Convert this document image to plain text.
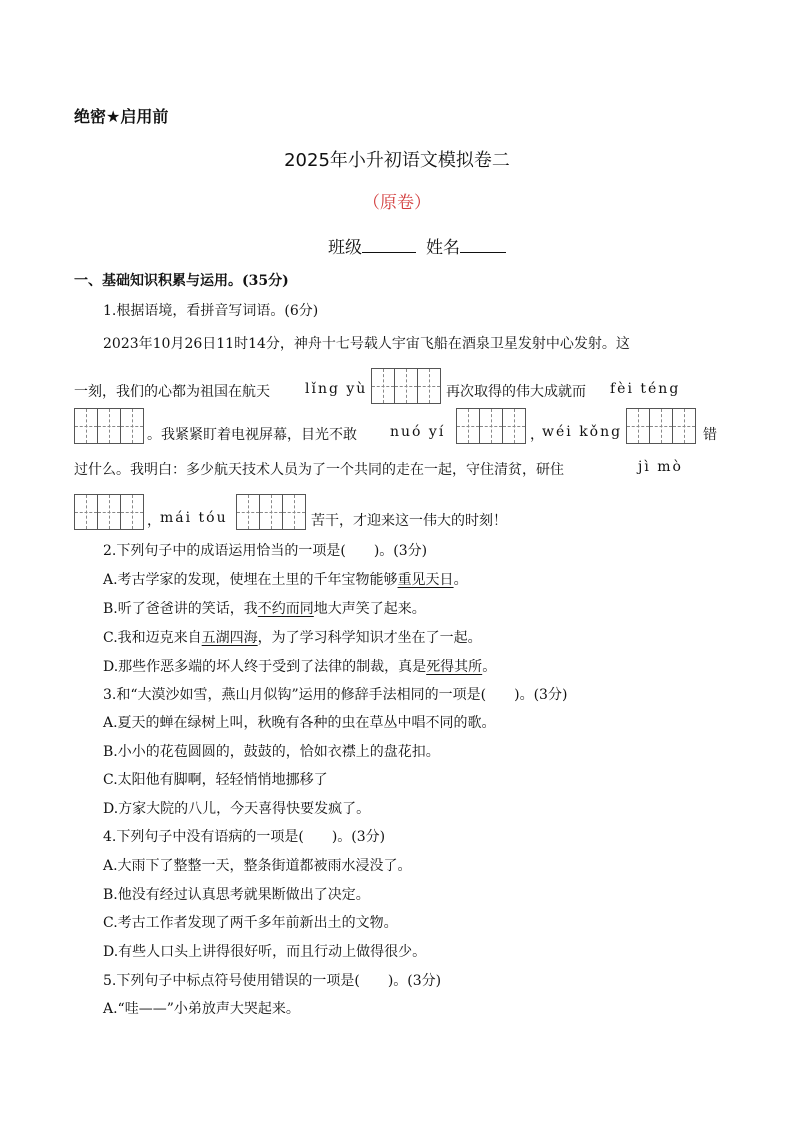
绝密★启用前
2025年小升初语文模拟卷二
（原卷）
班级	姓名
一、基础知识积累与运用。(35分)
1.根据语境，看拼音写词语。(6分)
2023年10月26日11时14分，神舟十七号载人宇宙飞船在酒泉卫星发射中心发射。这
一刻，我们的心都为祖国在航天	lǐng yù	再次取得的伟大成就而 fèi téng
。我紧紧盯着电视屏幕，目光不敢 nuó yí	，
wéi kǒng	错
过什么。我明白：多少航天技术人员为了一个共同的走在一起，守住清贫，研住	jì mò
， mái tóu	苦干，才迎来这一伟大的时刻！
2.下列句子中的成语运用恰当的一项是(　　)。(3分)
A.考古学家的发现，使埋在土里的千年宝物能够重见天日。
B.听了爸爸讲的笑话，我不约而同地大声笑了起来。
C.我和迈克来自五湖四海，为了学习科学知识才坐在了一起。
D.那些作恶多端的坏人终于受到了法律的制裁，真是死得其所。
3.和“大漠沙如雪，燕山月似钩”运用的修辞手法相同的一项是(　　)。(3分)
A.夏天的蝉在绿树上叫，秋晚有各种的虫在草丛中唱不同的歌。
B.小小的花苞圆圆的，鼓鼓的，恰如衣襟上的盘花扣。
C.太阳他有脚啊，轻轻悄悄地挪移了
D.方家大院的八儿，今天喜得快要发疯了。
4.下列句子中没有语病的一项是(　　)。(3分)
A.大雨下了整整一天，整条街道都被雨水浸没了。
B.他没有经过认真思考就果断做出了决定。
C.考古工作者发现了两千多年前新出土的文物。
D.有些人口头上讲得很好听，而且行动上做得很少。
5.下列句子中标点符号使用错误的一项是(　　)。(3分)
A.“哇——”小弟放声大哭起来。
